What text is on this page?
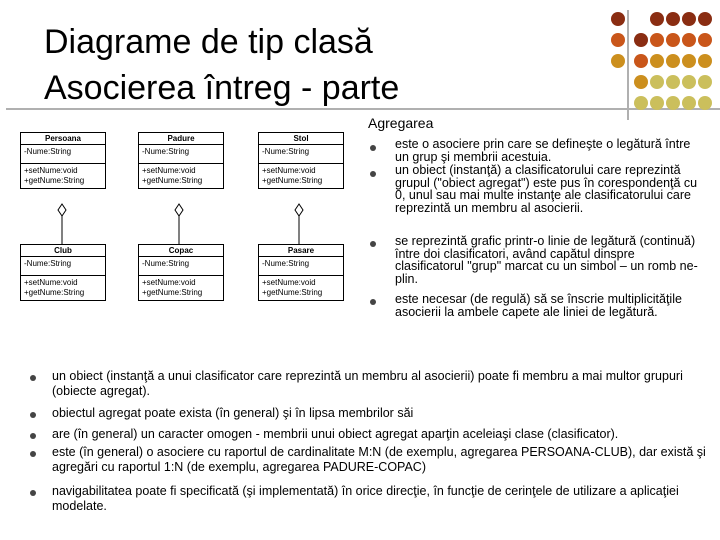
Diagrame de tip clasă
Asocierea întreg - parte
Persoana
-Nume:String
+setNume:void
+getNume:String
Padure
-Nume:String
+setNume:void
+getNume:String
Stol
-Nume:String
+setNume:void
+getNume:String
Club
-Nume:String
+setNume:void
+getNume:String
Copac
-Nume:String
+setNume:void
+getNume:String
Pasare
-Nume:String
+setNume:void
+getNume:String
Agregarea
este o asociere prin care se defineşte o legătură între un grup şi membrii acestuia.
un obiect (instanţă) a clasificatorului care reprezintă grupul ("obiect agregat") este pus în corespondenţă cu 0, unul sau mai multe instanţe ale clasificatorului care reprezintă un membru al asocierii.
se reprezintă grafic printr-o linie de legătură (continuă) între doi clasificatori, având capătul dinspre clasificatorul "grup" marcat cu un simbol – un romb ne-plin.
este necesar (de regulă) să se înscrie multiplicităţile asocierii la ambele capete ale liniei de legătură.
un obiect (instanţă a unui clasificator care reprezintă un membru al asocierii) poate fi membru a mai multor grupuri (obiecte agregat).
obiectul agregat poate exista (în general) şi în lipsa membrilor săi
are (în general) un caracter omogen - membrii unui obiect agregat aparţin aceleiaşi clase (clasificator).
este (în general) o asociere cu raportul de cardinalitate M:N (de exemplu, agregarea PERSOANA-CLUB), dar există şi agregări cu raportul 1:N (de exemplu, agregarea PADURE-COPAC)
navigabilitatea poate fi specificată (şi implementată) în orice direcţie, în funcţie de cerinţele de utilizare a aplicaţiei modelate.
